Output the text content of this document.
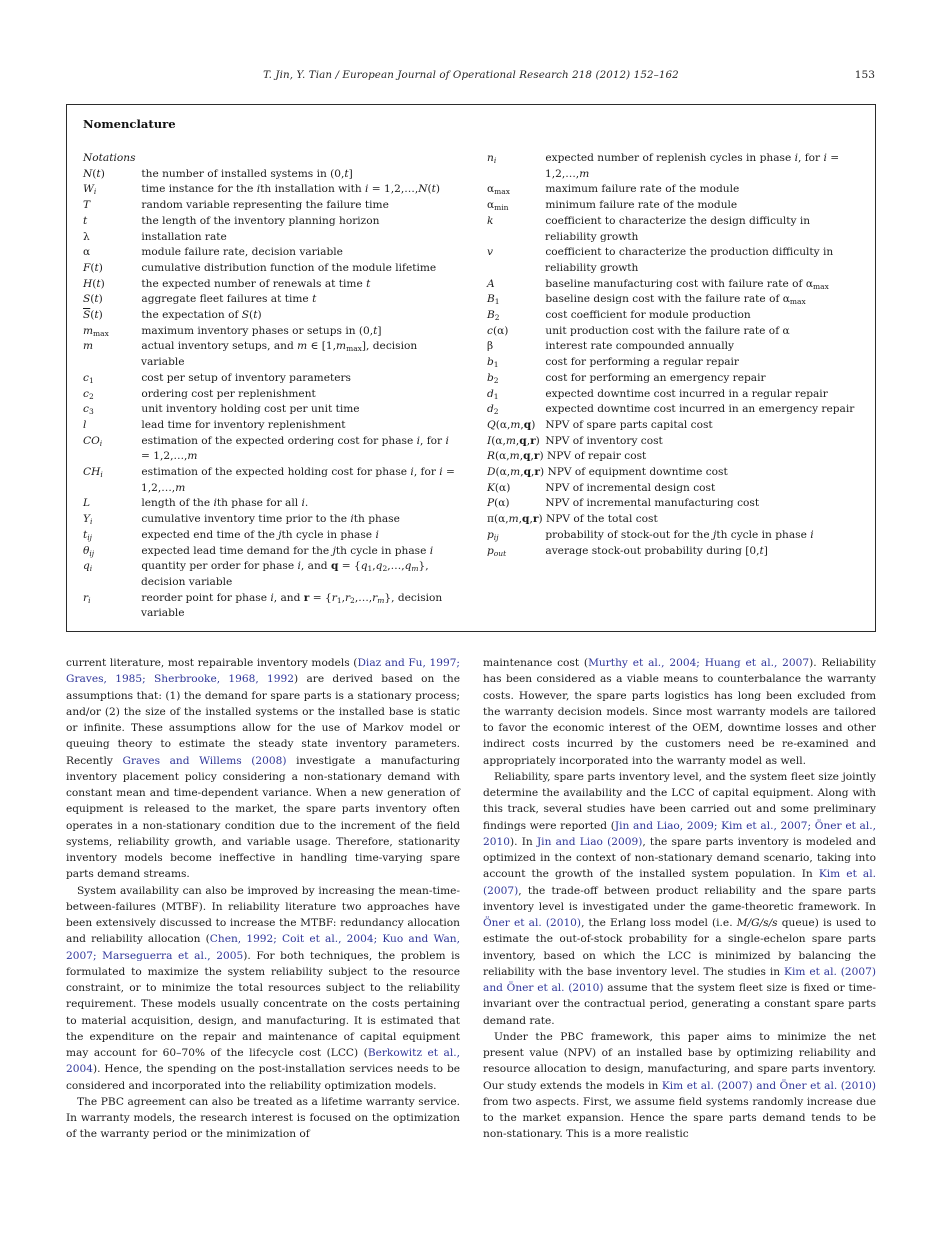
T. Jin, Y. Tian / European Journal of Operational Research 218 (2012) 152–162	153
Nomenclature
Notations
N(t)	the number of installed systems in (0,t]
$W_i$	time instance for the ith installation with i = 1,2,…,N(t)
T	random variable representing the failure time
t	the length of the inventory planning horizon
λ	installation rate
α	module failure rate, decision variable
F(t)	cumulative distribution function of the module lifetime
H(t)	the expected number of renewals at time t
S(t)	aggregate fleet failures at time t
$\overline{S}(t)$	the expectation of S(t)
$m_{max}$	maximum inventory phases or setups in (0,t]
m	actual inventory setups, and m ∈ $[1,m_{max}]$, decision variable
$c_1$	cost per setup of inventory parameters
$c_2$	ordering cost per replenishment
$c_3$	unit inventory holding cost per unit time
l	lead time for inventory replenishment
$CO_i$	estimation of the expected ordering cost for phase i, for i = 1,2,…,m
$CH_i$	estimation of the expected holding cost for phase i, for i = 1,2,…,m
L	length of the ith phase for all i.
$Y_i$	cumulative inventory time prior to the ith phase
$t_{ij}$	expected end time of the jth cycle in phase i
$\theta_{ij}$	expected lead time demand for the jth cycle in phase i
$q_i$	quantity per order for phase i, and $q = \{q_1,q_2,\dots,q_m\}$, decision variable
$r_i$	reorder point for phase i, and $r = \{r_1,r_2,\dots,r_m\}$, decision variable
$n_i$	expected number of replenish cycles in phase i, for i = 1,2,…,m
$\alpha_{max}$	maximum failure rate of the module
$\alpha_{min}$	minimum failure rate of the module
k	coefficient to characterize the design difficulty in reliability growth
v	coefficient to characterize the production difficulty in reliability growth
A	baseline manufacturing cost with failure rate of $\alpha_{max}$
$B_1$	baseline design cost with the failure rate of $\alpha_{max}$
$B_2$	cost coefficient for module production
c(α)	unit production cost with the failure rate of α
β	interest rate compounded annually
$b_1$	cost for performing a regular repair
$b_2$	cost for performing an emergency repair
$d_1$	expected downtime cost incurred in a regular repair
$d_2$	expected downtime cost incurred in an emergency repair
Q(α,m,q) NPV of spare parts capital cost
I(α,m,q,r) NPV of inventory cost
R(α,m,q,r) NPV of repair cost
D(α,m,q,r) NPV of equipment downtime cost
K(α)	NPV of incremental design cost
P(α)	NPV of incremental manufacturing cost
π(α,m,q,r) NPV of the total cost
$p_{ij}$	probability of stock-out for the jth cycle in phase i
$p_{out}$	average stock-out probability during [0,t]

current literature, most repairable inventory models (Diaz and Fu, 1997; Graves, 1985; Sherbrooke, 1968, 1992) are derived based on the assumptions that: (1) the demand for spare parts is a stationary process; and/or (2) the size of the installed systems or the installed base is static or infinite. These assumptions allow for the use of Markov model or queuing theory to estimate the steady state inventory parameters. Recently Graves and Willems (2008) investigate a manufacturing inventory placement policy considering a non-stationary demand with constant mean and time-dependent variance. When a new generation of equipment is released to the market, the spare parts inventory often operates in a non-stationary condition due to the increment of the field systems, reliability growth, and variable usage. Therefore, stationarity inventory models become ineffective in handling time-varying spare parts demand streams.

System availability can also be improved by increasing the mean-time-between-failures (MTBF). In reliability literature two approaches have been extensively discussed to increase the MTBF: redundancy allocation and reliability allocation (Chen, 1992; Coit et al., 2004; Kuo and Wan, 2007; Marseguerra et al., 2005). For both techniques, the problem is formulated to maximize the system reliability subject to the resource constraint, or to minimize the total resources subject to the reliability requirement. These models usually concentrate on the costs pertaining to material acquisition, design, and manufacturing. It is estimated that the expenditure on the repair and maintenance of capital equipment may account for 60–70% of the lifecycle cost (LCC) (Berkowitz et al., 2004). Hence, the spending on the post-installation services needs to be considered and incorporated into the reliability optimization models.

The PBC agreement can also be treated as a lifetime warranty service. In warranty models, the research interest is focused on the optimization of the warranty period or the minimization of

maintenance cost (Murthy et al., 2004; Huang et al., 2007). Reliability has been considered as a viable means to counterbalance the warranty costs. However, the spare parts logistics has long been excluded from the warranty decision models. Since most warranty models are tailored to favor the economic interest of the OEM, downtime losses and other indirect costs incurred by the customers need be re-examined and appropriately incorporated into the warranty model as well.

Reliability, spare parts inventory level, and the system fleet size jointly determine the availability and the LCC of capital equipment. Along with this track, several studies have been carried out and some preliminary findings were reported (Jin and Liao, 2009; Kim et al., 2007; Öner et al., 2010). In Jin and Liao (2009), the spare parts inventory is modeled and optimized in the context of non-stationary demand scenario, taking into account the growth of the installed system population. In Kim et al. (2007), the trade-off between product reliability and the spare parts inventory level is investigated under the game-theoretic framework. In Öner et al. (2010), the Erlang loss model (i.e. M/G/s/s queue) is used to estimate the out-of-stock probability for a single-echelon spare parts inventory, based on which the LCC is minimized by balancing the reliability with the base inventory level. The studies in Kim et al. (2007) and Öner et al. (2010) assume that the system fleet size is fixed or time-invariant over the contractual period, generating a constant spare parts demand rate.

Under the PBC framework, this paper aims to minimize the net present value (NPV) of an installed base by optimizing reliability and resource allocation to design, manufacturing, and spare parts inventory. Our study extends the models in Kim et al. (2007) and Öner et al. (2010) from two aspects. First, we assume field systems randomly increase due to the market expansion. Hence the spare parts demand tends to be non-stationary. This is a more realistic
